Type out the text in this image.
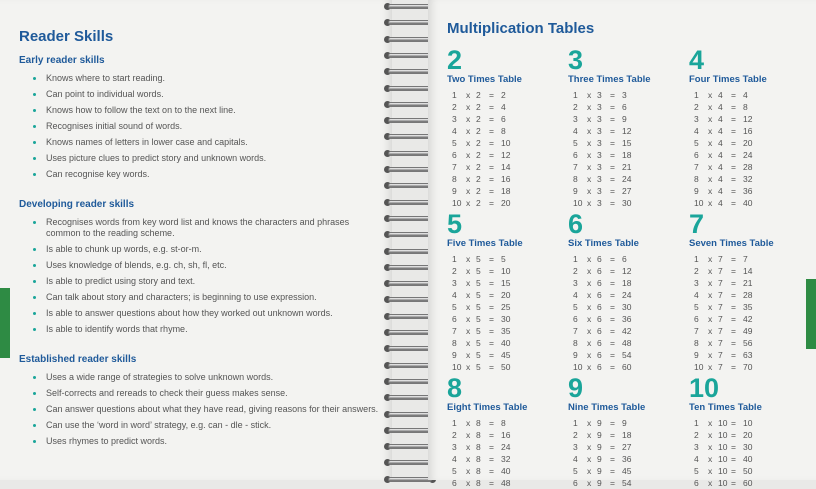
Reader Skills
Early reader skills
Knows where to start reading.
Can point to individual words.
Knows how to follow the text on to the next line.
Recognises initial sound of words.
Knows names of letters in lower case and capitals.
Uses picture clues to predict story and unknown words.
Can recognise key words.
Developing reader skills
Recognises words from key word list and knows the characters and phrases common to the reading scheme.
Is able to chunk up words, e.g. st-or-m.
Uses knowledge of blends, e.g. ch, sh, fl, etc.
Is able to predict using story and text.
Can talk about story and characters; is beginning to use expression.
Is able to answer questions about how they worked out unknown words.
Is able to identify words that rhyme.
Established reader skills
Uses a wide range of strategies to solve unknown words.
Self-corrects and rereads to check their guess makes sense.
Can answer questions about what they have read, giving reasons for their answers.
Can use the ‘word in word’ strategy, e.g. can - dle - stick.
Uses rhymes to predict words.
Multiplication Tables
2
Two Times Table
1	x 2 = 2
2	x 2 = 4
3	x 2 = 6
4	x 2 = 8
5	x 2 = 10
6	x 2 = 12
7	x 2 = 14
8	x 2 = 16
9	x 2 = 18
10 x 2 = 20
3
Three Times Table
1	x 3 = 3
2	x 3 = 6
3	x 3 = 9
4	x 3 = 12
5	x 3 = 15
6	x 3 = 18
7	x 3 = 21
8	x 3 = 24
9	x 3 = 27
10 x 3 = 30
4
Four Times Table
1	x 4 = 4
2	x 4 = 8
3	x 4 = 12
4	x 4 = 16
5	x 4 = 20
6	x 4 = 24
7	x 4 = 28
8	x 4 = 32
9	x 4 = 36
10 x 4 = 40
5
Five Times Table
1	x 5 = 5
2	x 5 = 10
3	x 5 = 15
4	x 5 = 20
5	x 5 = 25
6	x 5 = 30
7	x 5 = 35
8	x 5 = 40
9	x 5 = 45
10 x 5 = 50
6
Six Times Table
1	x 6 = 6
2	x 6 = 12
3	x 6 = 18
4	x 6 = 24
5	x 6 = 30
6	x 6 = 36
7	x 6 = 42
8	x 6 = 48
9	x 6 = 54
10 x 6 = 60
7
Seven Times Table
1	x 7 = 7
2	x 7 = 14
3	x 7 = 21
4	x 7 = 28
5	x 7 = 35
6	x 7 = 42
7	x 7 = 49
8	x 7 = 56
9	x 7 = 63
10 x 7 = 70
8
Eight Times Table
1	x 8 = 8
2	x 8 = 16
3	x 8 = 24
4	x 8 = 32
5	x 8 = 40
6	x 8 = 48
9
Nine Times Table
1	x 9 = 9
2	x 9 = 18
3	x 9 = 27
4	x 9 = 36
5	x 9 = 45
6	x 9 = 54
10
Ten Times Table
1	x 10 = 10
2	x 10 = 20
3	x 10 = 30
4	x 10 = 40
5	x 10 = 50
6	x 10 = 60
